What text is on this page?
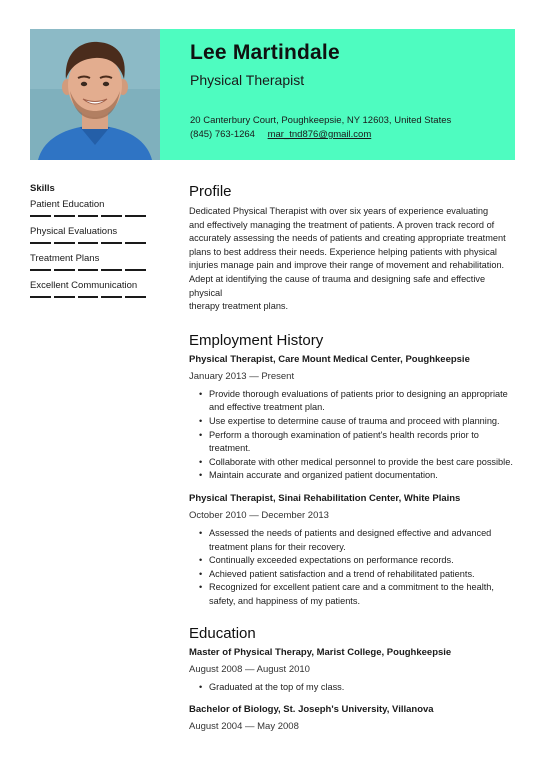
Lee Martindale
Physical Therapist
20 Canterbury Court, Poughkeepsie, NY 12603, United States
(845) 763-1264 mar_tnd876@gmail.com
Skills
Patient Education
Physical Evaluations
Treatment Plans
Excellent Communication
Profile
Dedicated Physical Therapist with over six years of experience evaluating
and effectively managing the treatment of patients. A proven track record of
accurately assessing the needs of patients and creating appropriate treatment
plans to best address their needs. Experience helping patients with physical
injuries manage pain and improve their range of movement and rehabilitation.
Adept at identifying the cause of trauma and designing safe and effective physical
therapy treatment plans.
Employment History
Physical Therapist, Care Mount Medical Center, Poughkeepsie
January 2013 — Present
• Provide thorough evaluations of patients prior to designing an appropriate
and effective treatment plan.
• Use expertise to determine cause of trauma and proceed with planning.
• Perform a thorough examination of patient's health records prior to
treatment.
• Collaborate with other medical personnel to provide the best care possible.
• Maintain accurate and organized patient documentation.
Physical Therapist, Sinai Rehabilitation Center, White Plains
October 2010 — December 2013
• Assessed the needs of patients and designed effective and advanced
treatment plans for their recovery.
• Continually exceeded expectations on performance records.
• Achieved patient satisfaction and a trend of rehabilitated patients.
• Recognized for excellent patient care and a commitment to the health,
safety, and happiness of my patients.
Education
Master of Physical Therapy, Marist College, Poughkeepsie
August 2008 — August 2010
• Graduated at the top of my class.
Bachelor of Biology, St. Joseph's University, Villanova
August 2004 — May 2008
